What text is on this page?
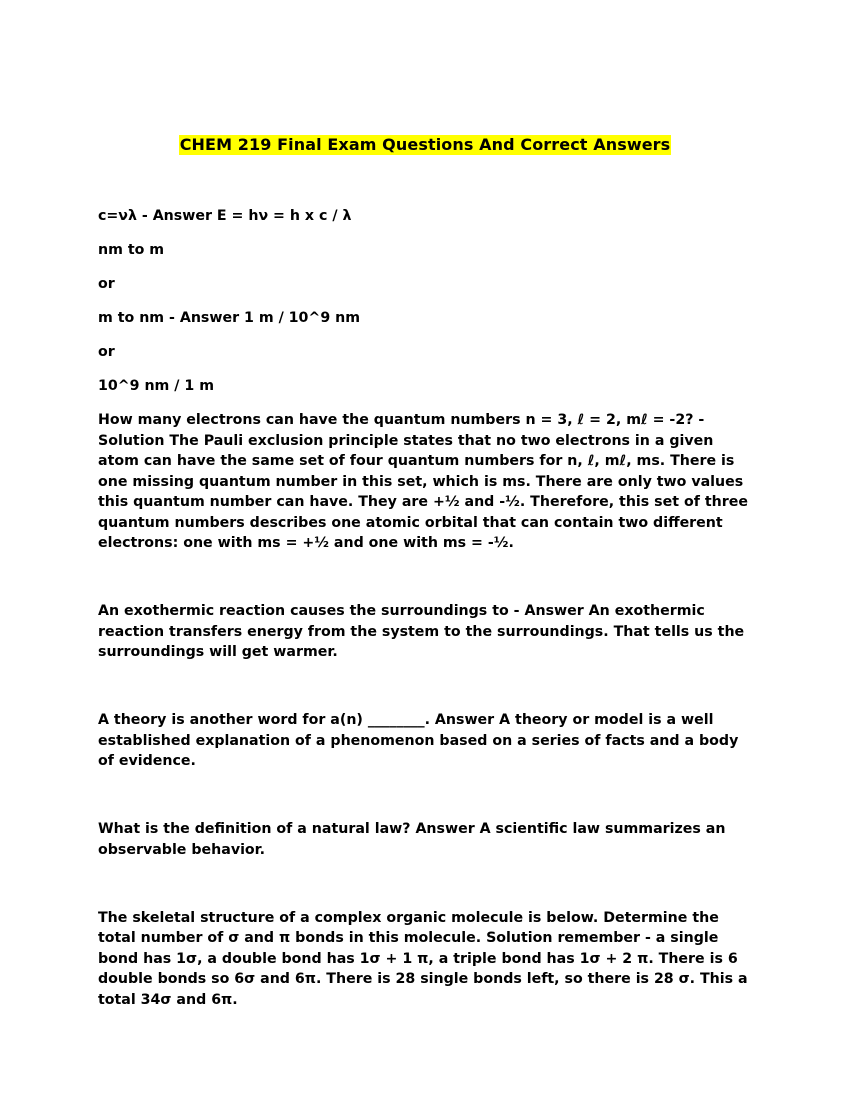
CHEM 219 Final Exam Questions And Correct Answers

c=νλ - Answer E = hν = h x c / λ

nm to m

or

m to nm - Answer 1 m / 10^9 nm

or

10^9 nm / 1 m

How many electrons can have the quantum numbers n = 3, ℓ = 2, mℓ = -2? -Solution The Pauli exclusion principle states that no two electrons in a given atom can have the same set of four quantum numbers for n, ℓ, mℓ, ms. There is one missing quantum number in this set, which is ms. There are only two values this quantum number can have. They are +½ and -½. Therefore, this set of three quantum numbers describes one atomic orbital that can contain two different electrons: one with ms = +½ and one with ms = -½.

An exothermic reaction causes the surroundings to - Answer An exothermic reaction transfers energy from the system to the surroundings. That tells us the surroundings will get warmer.

A theory is another word for a(n) ________. Answer A theory or model is a well established explanation of a phenomenon based on a series of facts and a body of evidence.

What is the definition of a natural law? Answer A scientific law summarizes an observable behavior.

The skeletal structure of a complex organic molecule is below. Determine the total number of σ and π bonds in this molecule. Solution remember - a single bond has 1σ, a double bond has 1σ + 1 π, a triple bond has 1σ + 2 π. There is 6 double bonds so 6σ and 6π. There is 28 single bonds left, so there is 28 σ. This a total 34σ and 6π.
